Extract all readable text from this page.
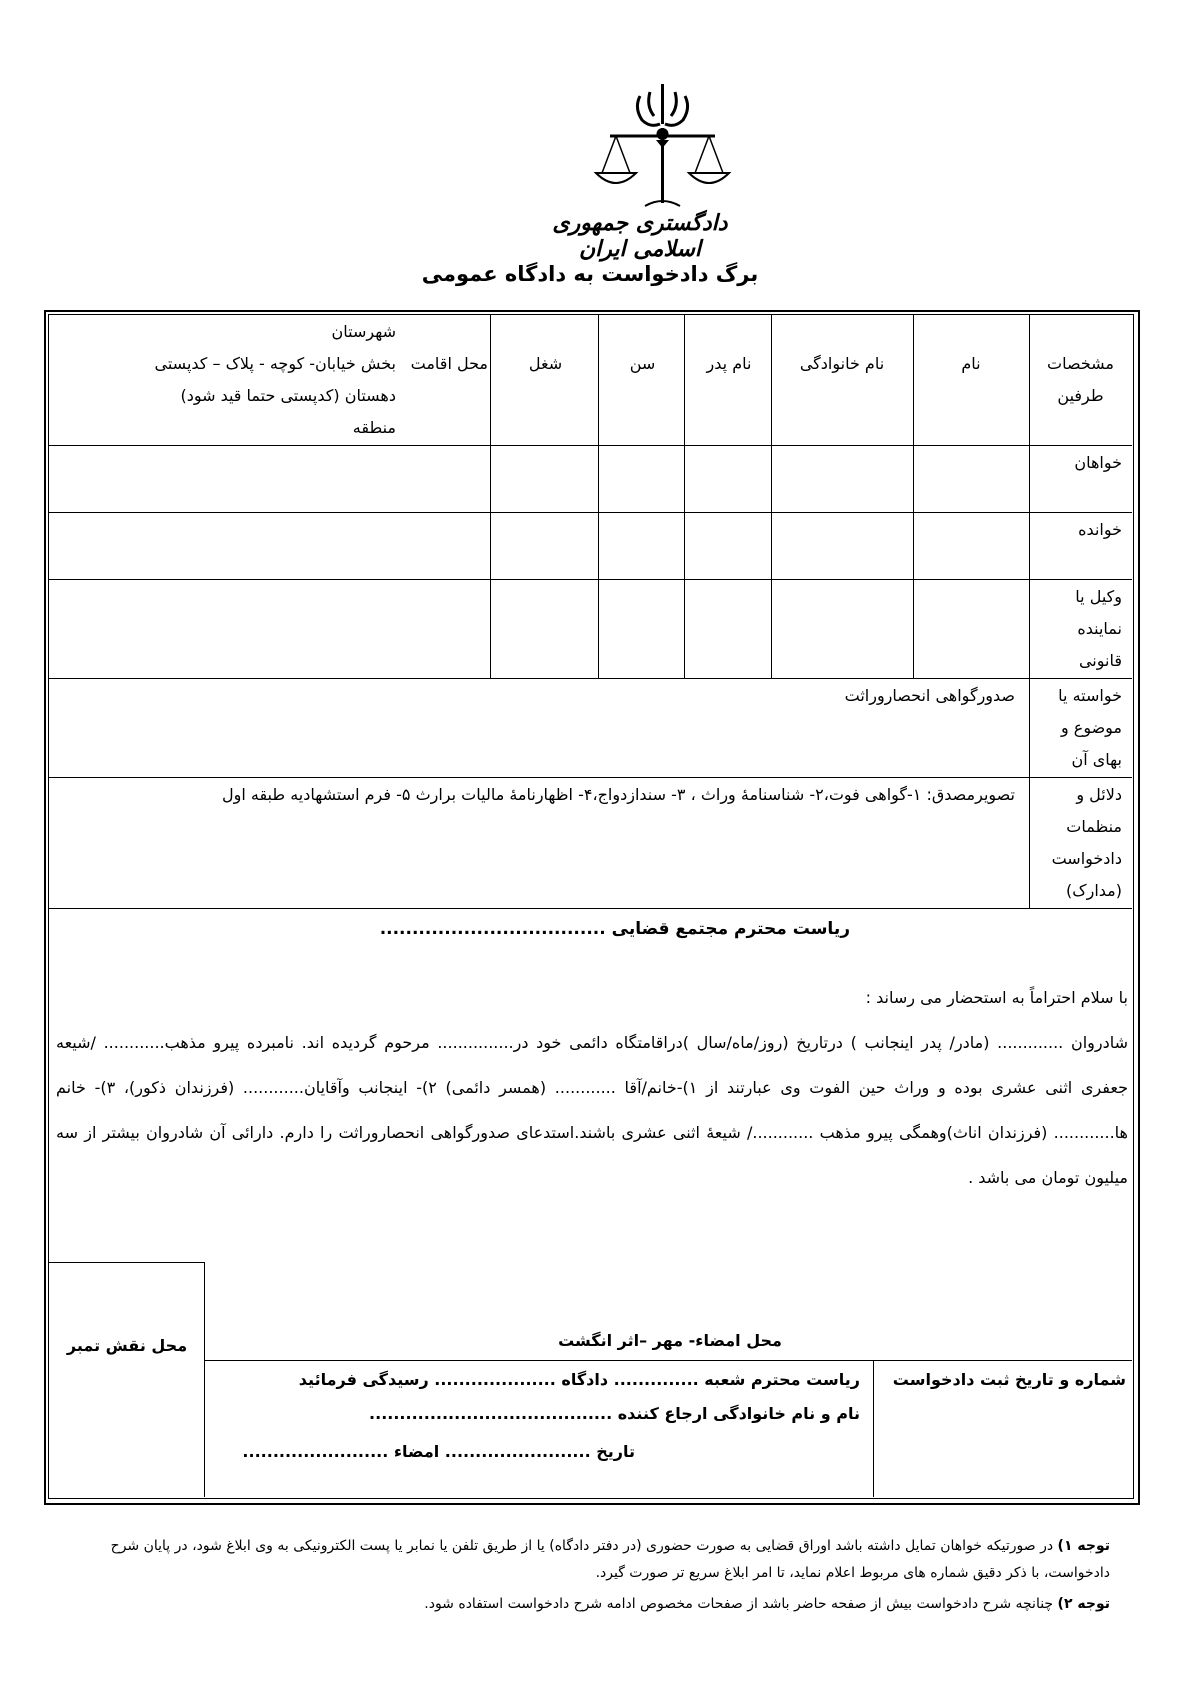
دادگستری جمهوری اسلامی ایران
برگ دادخواست به دادگاه عمومی
مشخصات طرفین
نام
نام خانوادگی
نام پدر
سن
شغل
محل اقامت
شهرستان
بخش خیابان- کوچه - پلاک – کدپستی
دهستان (کدپستی حتما قید شود)
منطقه
خواهان
خوانده
وکیل یا نماینده قانونی
خواسته یا موضوع و بهای آن
صدورگواهی انحصاروراثت
دلائل و منظمات دادخواست (مدارک)
تصویرمصدق: ۱-گواهی فوت،۲- شناسنامهٔ وراث ، ۳- سنداز‌دواج،۴- اظهارنامهٔ مالیات برارث ۵- فرم استشهادیه طبقه اول
ریاست محترم مجتمع قضایی ...................................
با سلام احتراماً به استحضار می رساند :
شادروان ............. (مادر/ پدر اینجانب ) درتاریخ (روز/ماه/سال )دراقامتگاه دائمی خود در............... مرحوم گردیده اند. نامبرده پیرو مذهب............ /شیعه جعفری اثنی عشری بوده و وراث حین الفوت وی عبارتند از ۱)-خانم/آقا ............ (همسر دائمی) ۲)- اینجانب وآقایان............ (فرزندان ذکور)، ۳)- خانم ها............ (فرزندان اناث)وهمگی پیرو مذهب ............/ شیعهٔ اثنی عشری باشند.استدعای صدورگواهی انحصاروراثت را دارم. دارائی آن شادروان بیشتر از سه میلیون تومان می باشد .
محل نقش تمبر	محل امضاء- مهر –اثر انگشت
شماره و تاریخ ثبت دادخواست
ریاست محترم شعبه .............. دادگاه .................... رسیدگی فرمائید
نام و نام خانوادگی ارجاع کننده ........................................
تاریخ ........................ امضاء ........................
توجه ۱) در صورتیکه خواهان تمایل داشته باشد اوراق قضایی به صورت حضوری (در دفتر دادگاه) یا از طریق تلفن یا نمابر یا پست الکترونیکی به وی ابلاغ شود، در پایان شرح دادخواست، با ذکر دقیق شماره های مربوط اعلام نماید، تا امر ابلاغ سریع تر صورت گیرد.
توجه ۲) چنانچه شرح دادخواست بیش از صفحه حاضر باشد از صفحات مخصوص ادامه شرح دادخواست استفاده شود.
